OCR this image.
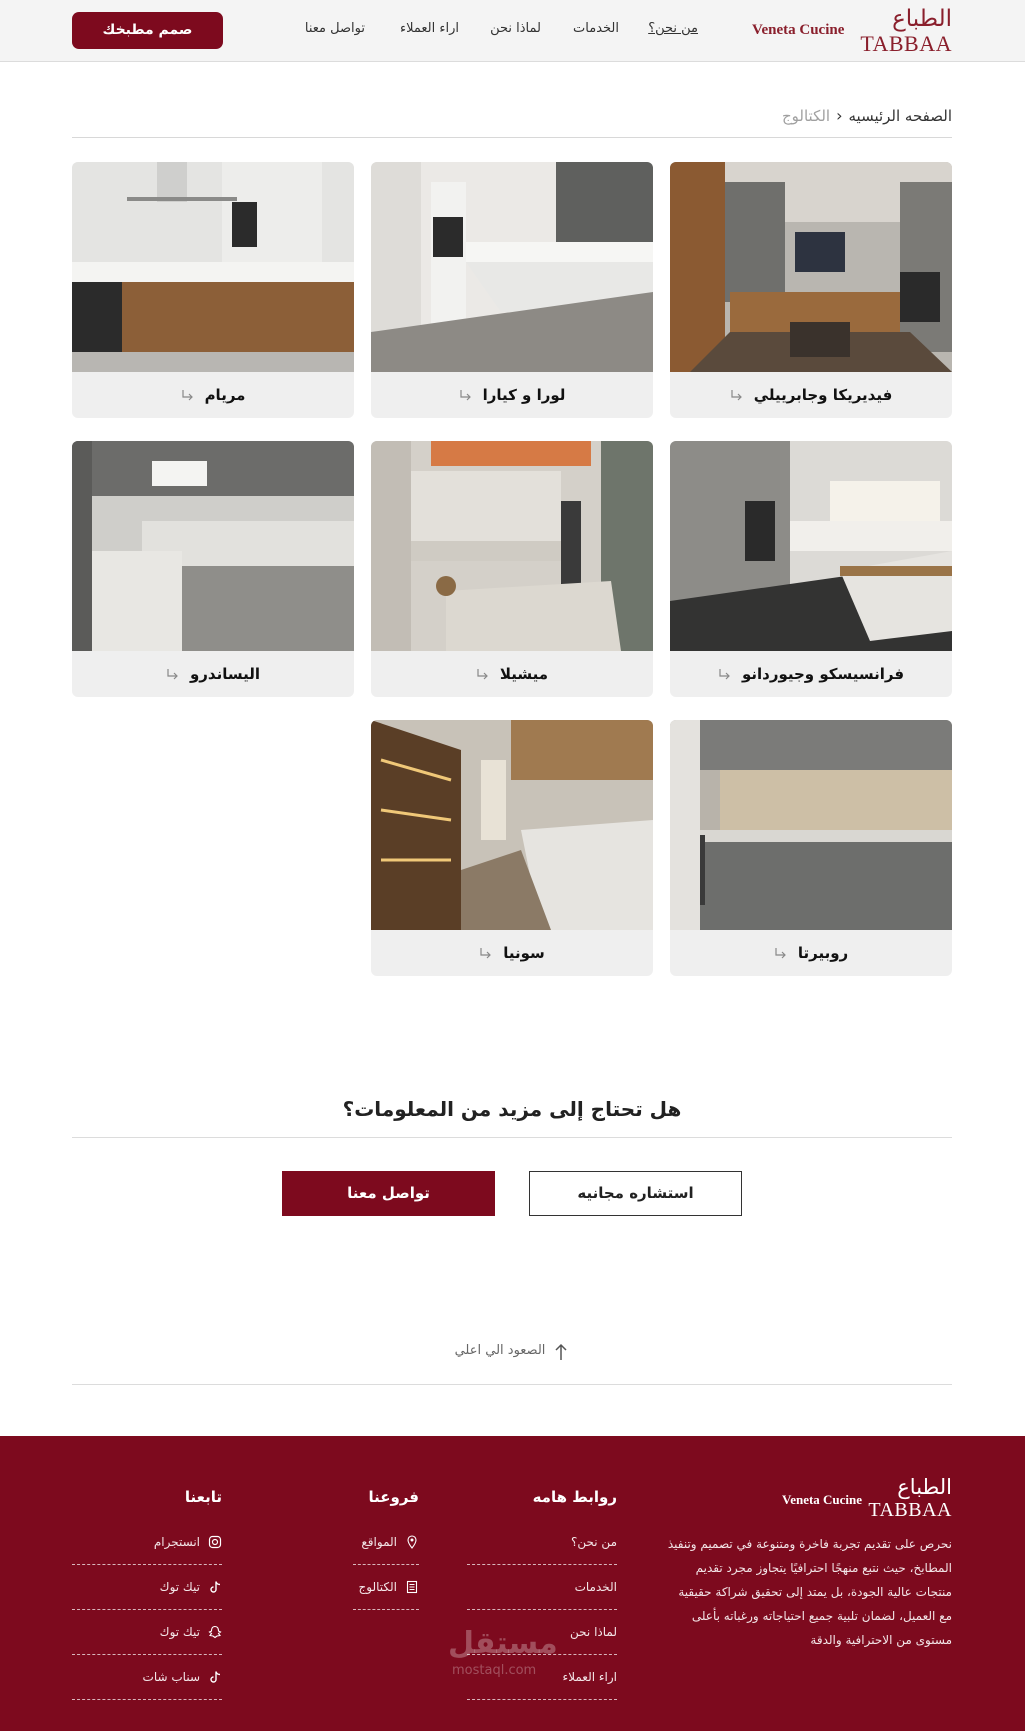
Veneta Cucine الطباع
TABBAA
من نحن؟
الخدمات
لماذا نحن
اراء العملاء
تواصل معنا
صمم مطبخك
الصفحه الرئيسيه‹الكتالوج
فيديريكا وجابرييلي
لورا و كيارا
مريام
فرانسيسكو وجيوردانو
ميشيلا
اليساندرو
روبيرتا
سونيا
هل تحتاج إلى مزيد من المعلومات؟
استشاره مجانيه
تواصل معنا
الصعود الي اعلي
Veneta Cucine
الطباع
TABBAA

نحرص على تقديم تجربة فاخرة ومتنوعة في تصميم وتنفيذ المطابخ، حيث نتبع منهجًا احترافيًا يتجاوز مجرد تقديم منتجات عالية الجودة، بل يمتد إلى تحقيق شراكة حقيقية مع العميل، لضمان تلبية جميع احتياجاته ورغباته بأعلى مستوى من الاحترافية والدقة

روابط هامه
من نحن؟
الخدمات
لماذا نحن
اراء العملاء
فروعنا
المواقع
الكتالوج
تابعنا
انستجرام
تيك توك
تيك توك
سناب شات
مستقل
mostaql.com
